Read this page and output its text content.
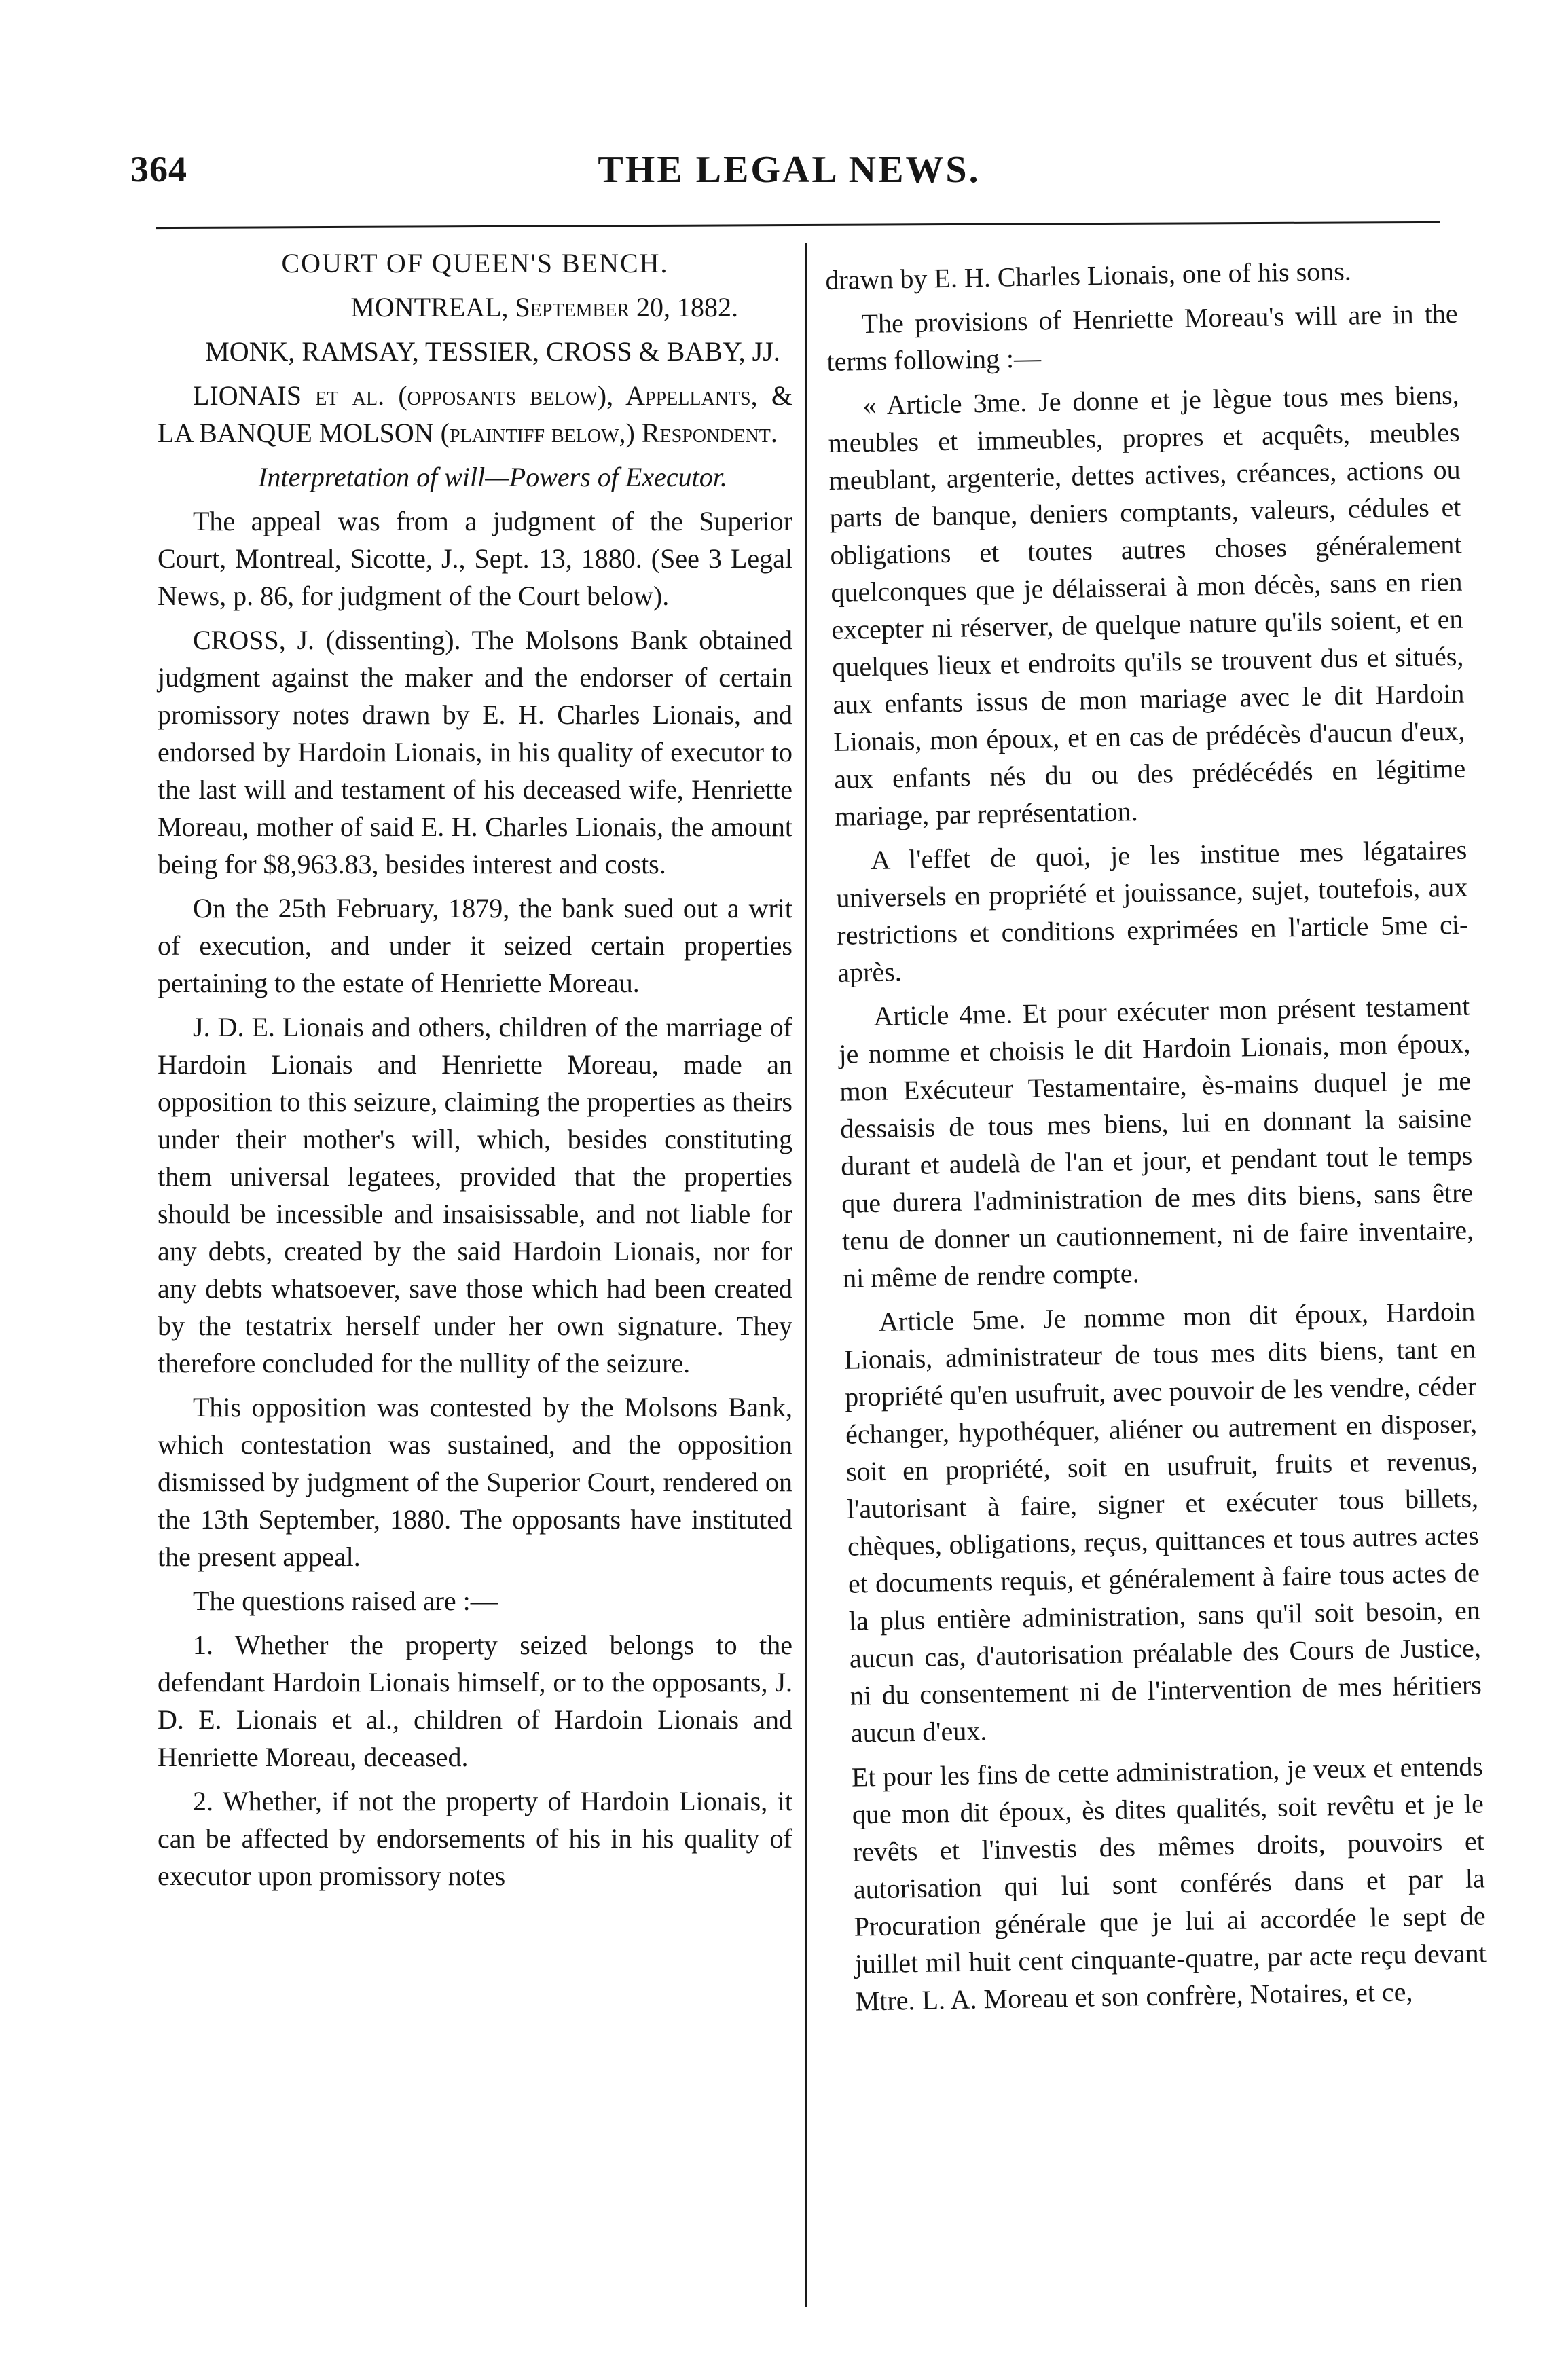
364	THE LEGAL NEWS.

COURT OF QUEEN'S BENCH.

MONTREAL, September 20, 1882.

MONK, RAMSAY, TESSIER, CROSS & BABY, JJ.

LIONAIS et al. (opposants below), Appellants, & LA BANQUE MOLSON (plaintiff below,) Respondent.

Interpretation of will—Powers of Executor.

The appeal was from a judgment of the Superior Court, Montreal, Sicotte, J., Sept. 13, 1880. (See 3 Legal News, p. 86, for judgment of the Court below).

CROSS, J. (dissenting). The Molsons Bank obtained judgment against the maker and the endorser of certain promissory notes drawn by E. H. Charles Lionais, and endorsed by Hardoin Lionais, in his quality of executor to the last will and testament of his deceased wife, Henriette Moreau, mother of said E. H. Charles Lionais, the amount being for $8,963.83, besides interest and costs.

On the 25th February, 1879, the bank sued out a writ of execution, and under it seized certain properties pertaining to the estate of Henriette Moreau.

J. D. E. Lionais and others, children of the marriage of Hardoin Lionais and Henriette Moreau, made an opposition to this seizure, claiming the properties as theirs under their mother's will, which, besides constituting them universal legatees, provided that the properties should be incessible and insaisissable, and not liable for any debts, created by the said Hardoin Lionais, nor for any debts whatsoever, save those which had been created by the testatrix herself under her own signature. They therefore concluded for the nullity of the seizure.

This opposition was contested by the Molsons Bank, which contestation was sustained, and the opposition dismissed by judgment of the Superior Court, rendered on the 13th September, 1880. The opposants have instituted the present appeal.

The questions raised are :—

1. Whether the property seized belongs to the defendant Hardoin Lionais himself, or to the opposants, J. D. E. Lionais et al., children of Hardoin Lionais and Henriette Moreau, deceased.

2. Whether, if not the property of Hardoin Lionais, it can be affected by endorsements of his in his quality of executor upon promissory notes

drawn by E. H. Charles Lionais, one of his sons.

The provisions of Henriette Moreau's will are in the terms following :—

« Article 3me. Je donne et je lègue tous mes biens, meubles et immeubles, propres et acquêts, meubles meublant, argenterie, dettes actives, créances, actions ou parts de banque, deniers comptants, valeurs, cédules et obligations et toutes autres choses généralement quelconques que je délaisserai à mon décès, sans en rien excepter ni réserver, de quelque nature qu'ils soient, et en quelques lieux et endroits qu'ils se trouvent dus et situés, aux enfants issus de mon mariage avec le dit Hardoin Lionais, mon époux, et en cas de prédécès d'aucun d'eux, aux enfants nés du ou des prédécédés en légitime mariage, par représentation.

A l'effet de quoi, je les institue mes légataires universels en propriété et jouissance, sujet, toutefois, aux restrictions et conditions exprimées en l'article 5me ci-après.

Article 4me. Et pour exécuter mon présent testament je nomme et choisis le dit Hardoin Lionais, mon époux, mon Exécuteur Testamentaire, ès-mains duquel je me dessaisis de tous mes biens, lui en donnant la saisine durant et audelà de l'an et jour, et pendant tout le temps que durera l'administration de mes dits biens, sans être tenu de donner un cautionnement, ni de faire inventaire, ni même de rendre compte.

Article 5me. Je nomme mon dit époux, Hardoin Lionais, administrateur de tous mes dits biens, tant en propriété qu'en usufruit, avec pouvoir de les vendre, céder échanger, hypothéquer, aliéner ou autrement en disposer, soit en propriété, soit en usufruit, fruits et revenus, l'autorisant à faire, signer et exécuter tous billets, chèques, obligations, reçus, quittances et tous autres actes et documents requis, et généralement à faire tous actes de la plus entière administration, sans qu'il soit besoin, en aucun cas, d'autorisation préalable des Cours de Justice, ni du consentement ni de l'intervention de mes héritiers aucun d'eux.

Et pour les fins de cette administration, je veux et entends que mon dit époux, ès dites qualités, soit revêtu et je le revêts et l'investis des mêmes droits, pouvoirs et autorisation qui lui sont conférés dans et par la Procuration générale que je lui ai accordée le sept de juillet mil huit cent cinquante-quatre, par acte reçu devant Mtre. L. A. Moreau et son confrère, Notaires, et ce,
